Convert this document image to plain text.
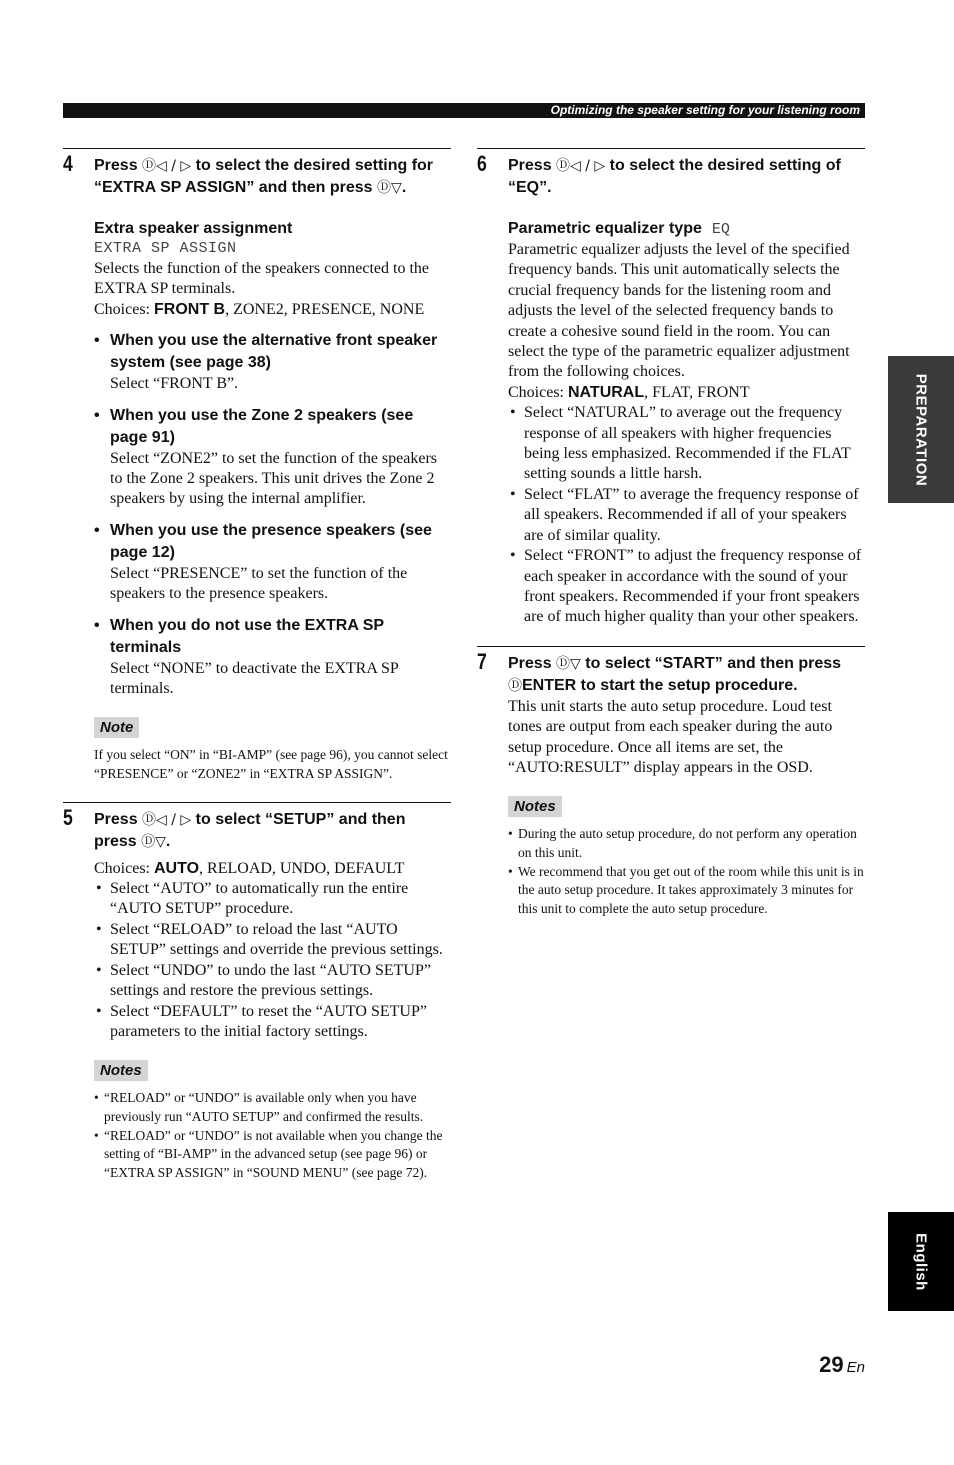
Optimizing the speaker setting for your listening room
4 Press Ⓓ◁ / ▷ to select the desired setting for “EXTRA SP ASSIGN” and then press Ⓓ▽.
Extra speaker assignment
EXTRA SP ASSIGN
Selects the function of the speakers connected to the EXTRA SP terminals.
Choices: FRONT B, ZONE2, PRESENCE, NONE
• When you use the alternative front speaker system (see page 38)
Select “FRONT B”.
• When you use the Zone 2 speakers (see page 91)
Select “ZONE2” to set the function of the speakers to the Zone 2 speakers. This unit drives the Zone 2 speakers by using the internal amplifier.
• When you use the presence speakers (see page 12)
Select “PRESENCE” to set the function of the speakers to the presence speakers.
• When you do not use the EXTRA SP terminals
Select “NONE” to deactivate the EXTRA SP terminals.
Note
If you select “ON” in “BI-AMP” (see page 96), you cannot select “PRESENCE” or “ZONE2” in “EXTRA SP ASSIGN”.
5 Press Ⓓ◁ / ▷ to select “SETUP” and then press Ⓓ▽.
Choices: AUTO, RELOAD, UNDO, DEFAULT
• Select “AUTO” to automatically run the entire “AUTO SETUP” procedure.
• Select “RELOAD” to reload the last “AUTO SETUP” settings and override the previous settings.
• Select “UNDO” to undo the last “AUTO SETUP” settings and restore the previous settings.
• Select “DEFAULT” to reset the “AUTO SETUP” parameters to the initial factory settings.
Notes
• “RELOAD” or “UNDO” is available only when you have previously run “AUTO SETUP” and confirmed the results.
• “RELOAD” or “UNDO” is not available when you change the setting of “BI-AMP” in the advanced setup (see page 96) or “EXTRA SP ASSIGN” in “SOUND MENU” (see page 72).
6 Press Ⓓ◁ / ▷ to select the desired setting of “EQ”.
Parametric equalizer type EQ
Parametric equalizer adjusts the level of the specified frequency bands. This unit automatically selects the crucial frequency bands for the listening room and adjusts the level of the selected frequency bands to create a cohesive sound field in the room. You can select the type of the parametric equalizer adjustment from the following choices.
Choices: NATURAL, FLAT, FRONT
• Select “NATURAL” to average out the frequency response of all speakers with higher frequencies being less emphasized. Recommended if the FLAT setting sounds a little harsh.
• Select “FLAT” to average the frequency response of all speakers. Recommended if all of your speakers are of similar quality.
• Select “FRONT” to adjust the frequency response of each speaker in accordance with the sound of your front speakers. Recommended if your front speakers are of much higher quality than your other speakers.
7 Press Ⓓ▽ to select “START” and then press ⒹENTER to start the setup procedure.
This unit starts the auto setup procedure. Loud test tones are output from each speaker during the auto setup procedure. Once all items are set, the “AUTO:RESULT” display appears in the OSD.
Notes
• During the auto setup procedure, do not perform any operation on this unit.
• We recommend that you get out of the room while this unit is in the auto setup procedure. It takes approximately 3 minutes for this unit to complete the auto setup procedure.
PREPARATION
English
29 En
